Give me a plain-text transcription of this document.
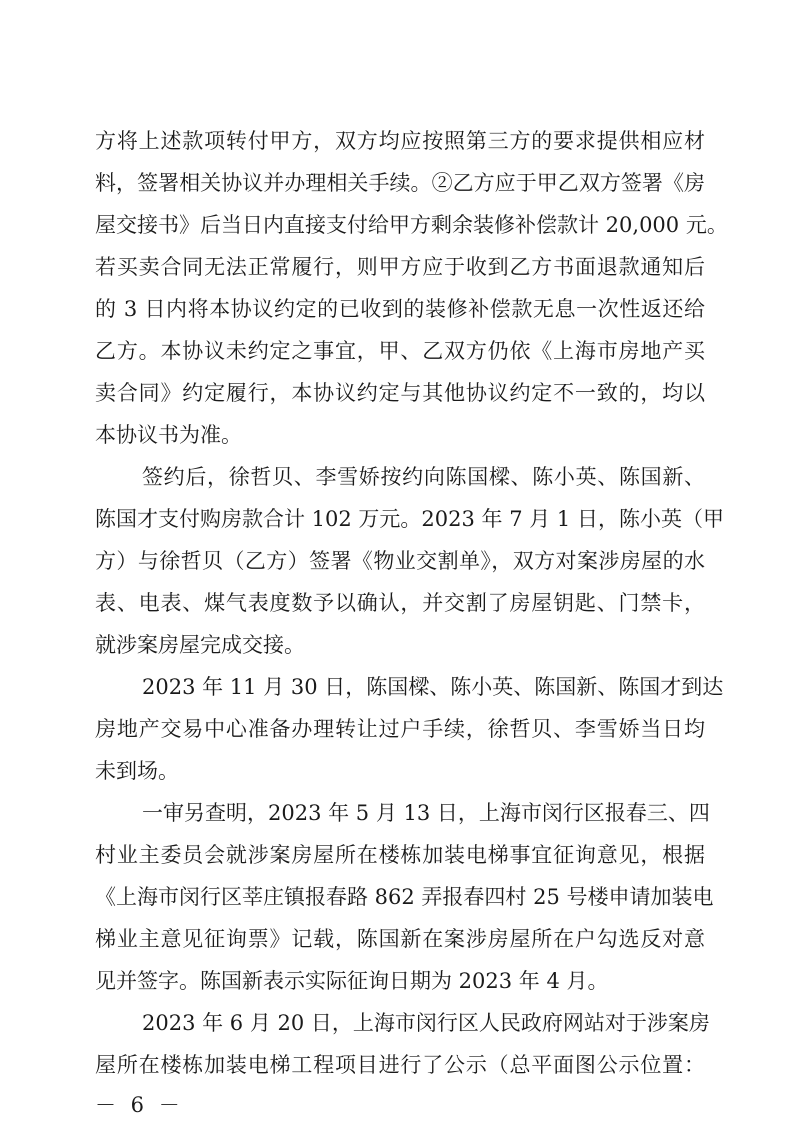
方将上述款项转付甲方，双方均应按照第三方的要求提供相应材
料，签署相关协议并办理相关手续。②乙方应于甲乙双方签署《房
屋交接书》后当日内直接支付给甲方剩余装修补偿款计 20,000 元。
若买卖合同无法正常履行，则甲方应于收到乙方书面退款通知后
的 3 日内将本协议约定的已收到的装修补偿款无息一次性返还给
乙方。本协议未约定之事宜，甲、乙双方仍依《上海市房地产买
卖合同》约定履行，本协议约定与其他协议约定不一致的，均以
本协议书为准。
签约后，徐哲贝、李雪娇按约向陈国樑、陈小英、陈国新、
陈国才支付购房款合计 102 万元。2023 年 7 月 1 日，陈小英（甲
方）与徐哲贝（乙方）签署《物业交割单》，双方对案涉房屋的水
表、电表、煤气表度数予以确认，并交割了房屋钥匙、门禁卡，
就涉案房屋完成交接。
2023 年 11 月 30 日，陈国樑、陈小英、陈国新、陈国才到达
房地产交易中心准备办理转让过户手续，徐哲贝、李雪娇当日均
未到场。
一审另查明，2023 年 5 月 13 日，上海市闵行区报春三、四
村业主委员会就涉案房屋所在楼栋加装电梯事宜征询意见，根据
《上海市闵行区莘庄镇报春路 862 弄报春四村 25 号楼申请加装电
梯业主意见征询票》记载，陈国新在案涉房屋所在户勾选反对意
见并签字。陈国新表示实际征询日期为 2023 年 4 月。
2023 年 6 月 20 日，上海市闵行区人民政府网站对于涉案房
屋所在楼栋加装电梯工程项目进行了公示（总平面图公示位置：
－ 6 －
